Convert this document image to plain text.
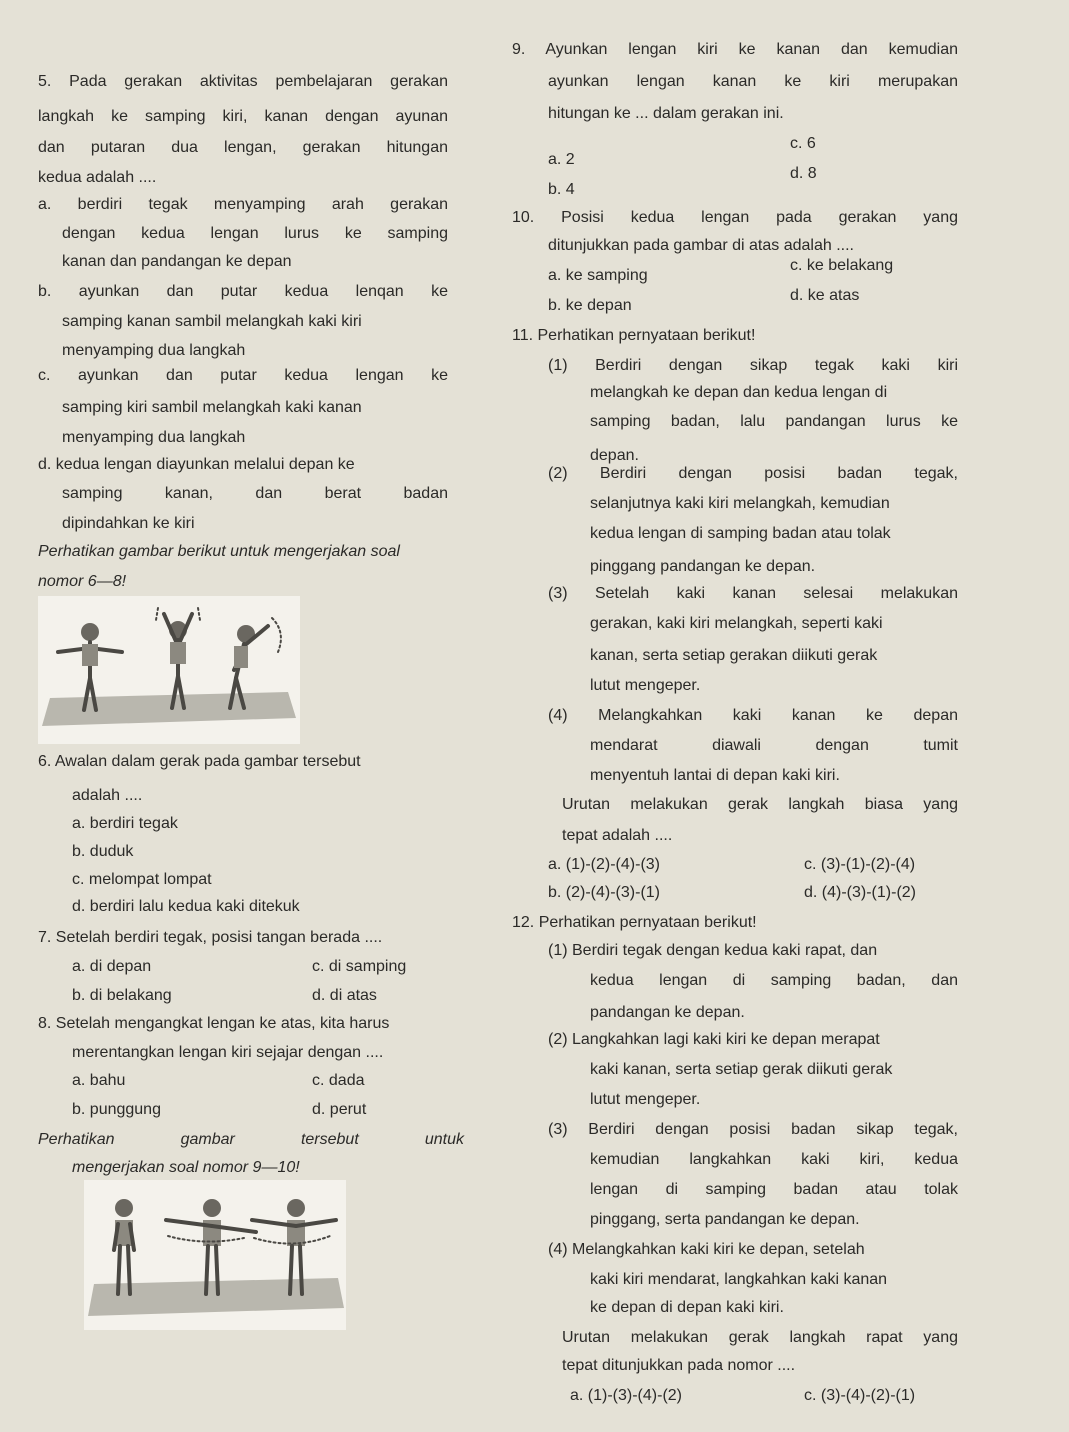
5. Pada gerakan aktivitas pembelajaran gerakan
langkah ke samping kiri, kanan dengan ayunan
dan putaran dua lengan, gerakan hitungan
kedua adalah ....
a. berdiri tegak menyamping arah gerakan
dengan kedua lengan lurus ke samping
kanan dan pandangan ke depan
b. ayunkan dan putar kedua lenqan ke
samping kanan sambil melangkah kaki kiri
menyamping dua langkah
c. ayunkan dan putar kedua lengan ke
samping kiri sambil melangkah kaki kanan
menyamping dua langkah
d. kedua lengan diayunkan melalui depan ke
samping kanan, dan berat badan
dipindahkan ke kiri
Perhatikan gambar berikut untuk mengerjakan soal
nomor 6—8!
6. Awalan dalam gerak pada gambar tersebut
adalah ....
a. berdiri tegak
b. duduk
c. melompat lompat
d. berdiri lalu kedua kaki ditekuk
7. Setelah berdiri tegak, posisi tangan berada ....
a. di depan	c. di samping
b. di belakang	d. di atas
8. Setelah mengangkat lengan ke atas, kita harus
merentangkan lengan kiri sejajar dengan ....
a. bahu	c. dada
b. punggung	d. perut
Perhatikan gambar tersebut untuk
mengerjakan soal nomor 9—10!
9. Ayunkan lengan kiri ke kanan dan kemudian
ayunkan lengan kanan ke kiri merupakan
hitungan ke ... dalam gerakan ini.
c. 6
a. 2
d. 8
b. 4
10. Posisi kedua lengan pada gerakan yang
ditunjukkan pada gambar di atas adalah ....
a. ke samping
c. ke belakang
b. ke depan
d. ke atas
11. Perhatikan pernyataan berikut!
(1) Berdiri dengan sikap tegak kaki kiri
melangkah ke depan dan kedua lengan di
samping badan, lalu pandangan lurus ke
depan.
(2) Berdiri dengan posisi badan tegak,
selanjutnya kaki kiri melangkah, kemudian
kedua lengan di samping badan atau tolak
pinggang pandangan ke depan.
(3) Setelah kaki kanan selesai melakukan
gerakan, kaki kiri melangkah, seperti kaki
kanan, serta setiap gerakan diikuti gerak
lutut mengeper.
(4) Melangkahkan kaki kanan ke depan
mendarat diawali dengan tumit
menyentuh lantai di depan kaki kiri.
Urutan melakukan gerak langkah biasa yang
tepat adalah ....
a. (1)-(2)-(4)-(3)	c. (3)-(1)-(2)-(4)
b. (2)-(4)-(3)-(1)	d. (4)-(3)-(1)-(2)
12. Perhatikan pernyataan berikut!
(1) Berdiri tegak dengan kedua kaki rapat, dan
kedua lengan di samping badan, dan
pandangan ke depan.
(2) Langkahkan lagi kaki kiri ke depan merapat
kaki kanan, serta setiap gerak diikuti gerak
lutut mengeper.
(3) Berdiri dengan posisi badan sikap tegak,
kemudian langkahkan kaki kiri, kedua
lengan di samping badan atau tolak
pinggang, serta pandangan ke depan.
(4) Melangkahkan kaki kiri ke depan, setelah
kaki kiri mendarat, langkahkan kaki kanan
ke depan di depan kaki kiri.
Urutan melakukan gerak langkah rapat yang
tepat ditunjukkan pada nomor ....
a. (1)-(3)-(4)-(2)	c. (3)-(4)-(2)-(1)
